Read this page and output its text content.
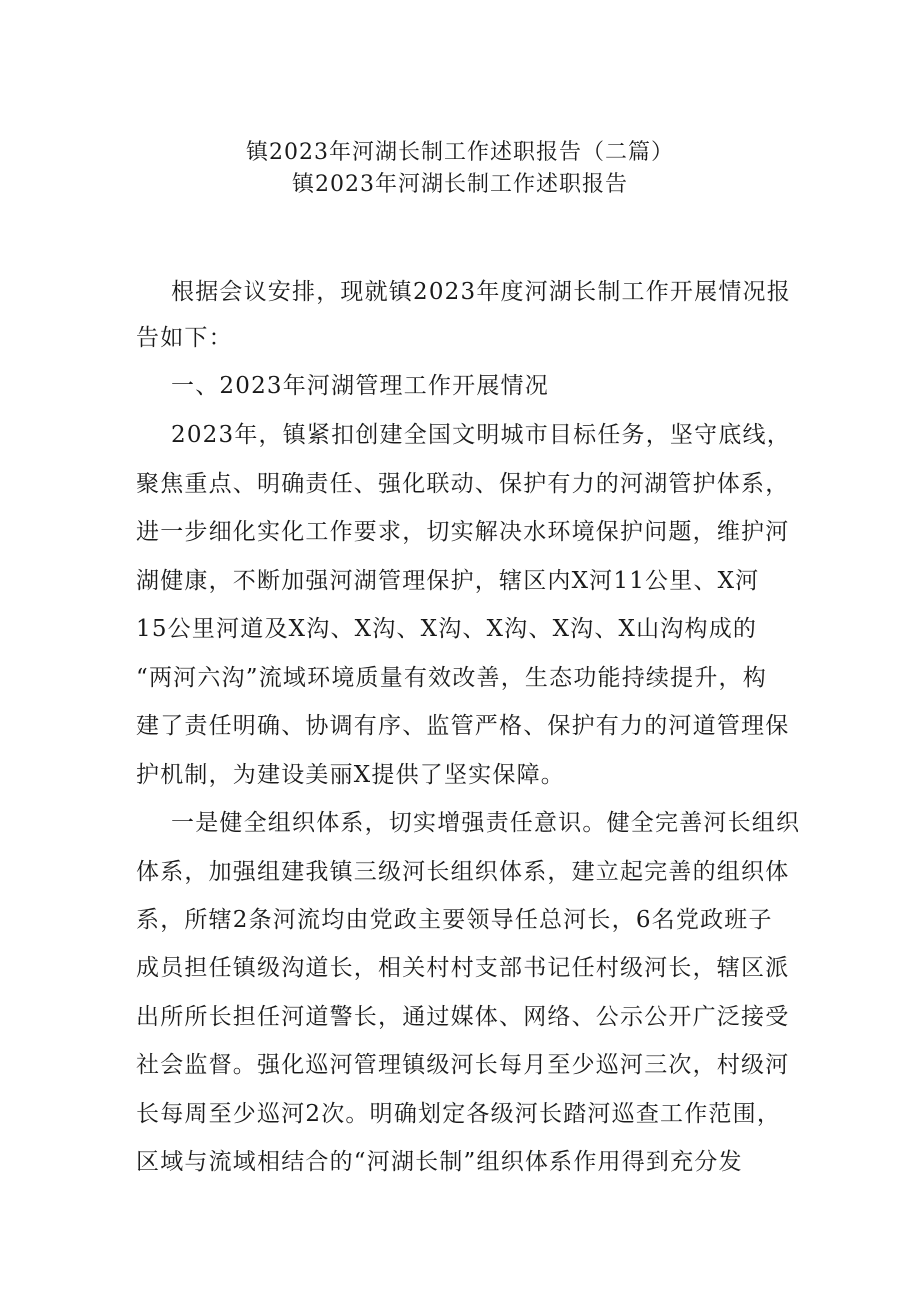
镇2023年河湖长制工作述职报告（二篇）
镇2023年河湖长制工作述职报告
根据会议安排，现就镇2023年度河湖长制工作开展情况报
告如下：
一、2023年河湖管理工作开展情况
2023年，镇紧扣创建全国文明城市目标任务，坚守底线，
聚焦重点、明确责任、强化联动、保护有力的河湖管护体系，
进一步细化实化工作要求，切实解决水环境保护问题，维护河
湖健康，不断加强河湖管理保护，辖区内X河11公里、X河
15公里河道及X沟、X沟、X沟、X沟、X沟、X山沟构成的
“两河六沟”流域环境质量有效改善，生态功能持续提升，构
建了责任明确、协调有序、监管严格、保护有力的河道管理保
护机制，为建设美丽X提供了坚实保障。
一是健全组织体系，切实增强责任意识。健全完善河长组织
体系，加强组建我镇三级河长组织体系，建立起完善的组织体
系，所辖2条河流均由党政主要领导任总河长，6名党政班子
成员担任镇级沟道长，相关村村支部书记任村级河长，辖区派
出所所长担任河道警长，通过媒体、网络、公示公开广泛接受
社会监督。强化巡河管理镇级河长每月至少巡河三次，村级河
长每周至少巡河2次。明确划定各级河长踏河巡查工作范围，
区域与流域相结合的“河湖长制”组织体系作用得到充分发
